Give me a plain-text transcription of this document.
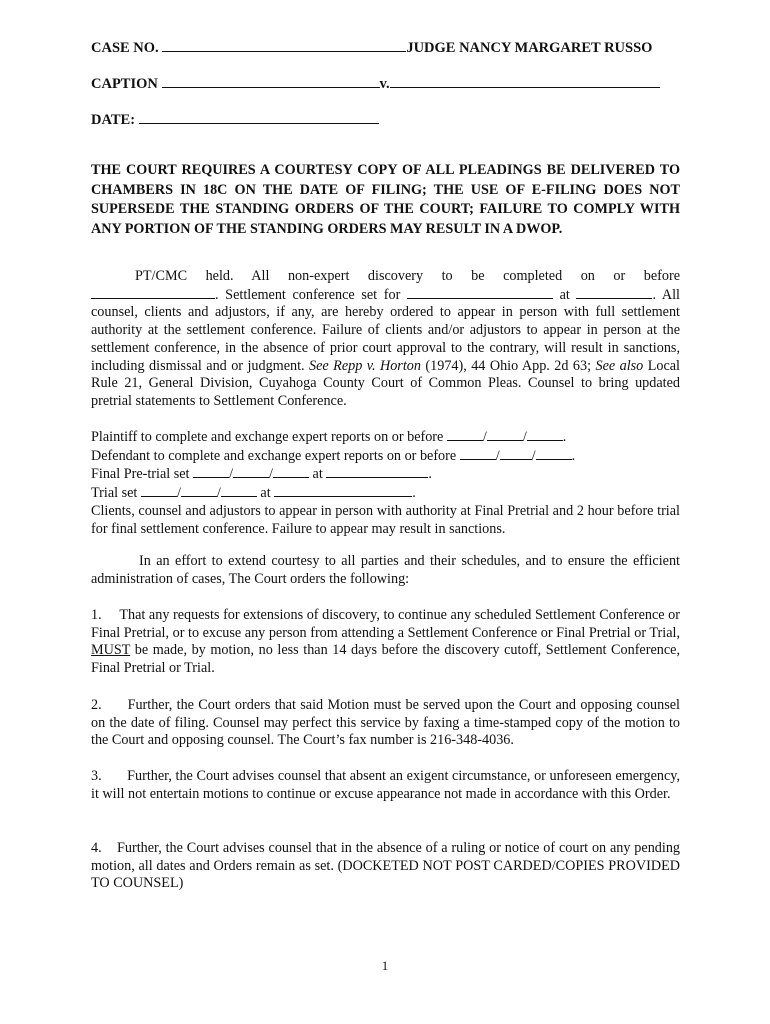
CASE NO.	JUDGE NANCY MARGARET RUSSO
CAPTION	v.
DATE:
THE COURT REQUIRES A COURTESY COPY OF ALL PLEADINGS BE DELIVERED TO CHAMBERS IN 18C ON THE DATE OF FILING; THE USE OF E-FILING DOES NOT SUPERSEDE THE STANDING ORDERS OF THE COURT; FAILURE TO COMPLY WITH ANY PORTION OF THE STANDING ORDERS MAY RESULT IN A DWOP.
PT/CMC held. All non-expert discovery to be completed on or before
. Settlement conference set for	at	. All
counsel, clients and adjustors, if any, are hereby ordered to appear in person with full settlement authority at the settlement conference. Failure of clients and/or adjustors to appear in person at the settlement conference, in the absence of prior court approval to the contrary, will result in sanctions, including dismissal and or judgment. See Repp v. Horton (1974), 44 Ohio App. 2d 63; See also Local Rule 21, General Division, Cuyahoga County Court of Common Pleas. Counsel to bring updated pretrial statements to Settlement Conference.
Plaintiff to complete and exchange expert reports on or before	/	/	.
Defendant to complete and exchange expert reports on or before	/ /	.
Final Pre-trial set	/	/	at	.
Trial set	/	/	at	.
Clients, counsel and adjustors to appear in person with authority at Final Pretrial and 2 hour before trial for final settlement conference. Failure to appear may result in sanctions.
In an effort to extend courtesy to all parties and their schedules, and to ensure the efficient administration of cases, The Court orders the following:
1. That any requests for extensions of discovery, to continue any scheduled Settlement Conference or Final Pretrial, or to excuse any person from attending a Settlement Conference or Final Pretrial or Trial, MUST be made, by motion, no less than 14 days before the discovery cutoff, Settlement Conference, Final Pretrial or Trial.
2. Further, the Court orders that said Motion must be served upon the Court and opposing counsel on the date of filing. Counsel may perfect this service by faxing a time-stamped copy of the motion to the Court and opposing counsel. The Court’s fax number is 216-348-4036.
3. Further, the Court advises counsel that absent an exigent circumstance, or unforeseen emergency, it will not entertain motions to continue or excuse appearance not made in accordance with this Order.
4. Further, the Court advises counsel that in the absence of a ruling or notice of court on any pending motion, all dates and Orders remain as set. (DOCKETED NOT POST CARDED/COPIES PROVIDED TO COUNSEL)
1
